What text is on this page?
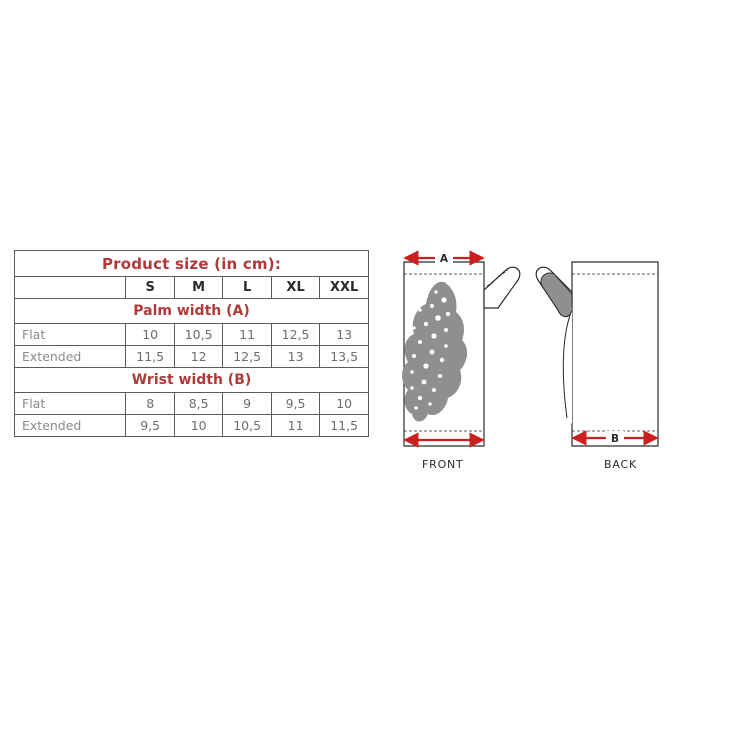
Product size (in cm):					
	S	M	L	XL	XXL
Palm width (A)					
Flat	10	10,5	11	12,5	13
Extended	11,5	12	12,5	13	13,5
Wrist width (B)					
Flat	8	8,5	9	9,5	10
Extended	9,5	10	10,5	11	11,5
A
B
FRONT	BACK
